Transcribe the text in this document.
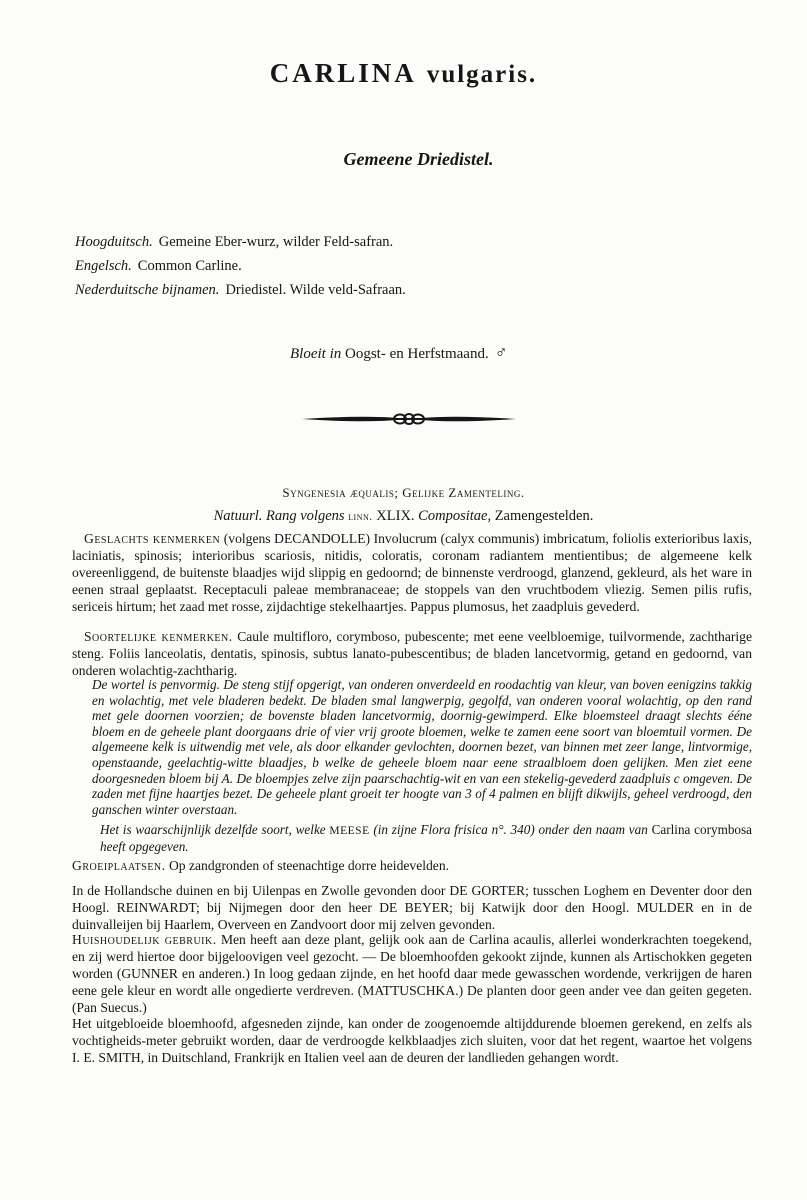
CARLINA vulgaris.
Gemeene Driedistel.
Hoogduitsch. Gemeine Eber-wurz, wilder Feld-safran.
Engelsch. Common Carline.
Nederduitsche bijnamen. Driedistel. Wilde veld-Safraan.
Bloeit in Oogst- en Herfstmaand. ♂
Syngenesia æqualis; Gelijke Zamenteling.
Natuurl. Rang volgens linn. XLIX. Compositae, Zamengestelden.

Geslachts kenmerken (volgens DECANDOLLE) Involucrum (calyx communis) imbricatum, foliolis exterioribus laxis, laciniatis, spinosis; interioribus scariosis, nitidis, coloratis, coronam radiantem mentientibus; de algemeene kelk overeenliggend, de buitenste blaadjes wijd slippig en gedoornd; de binnenste verdroogd, glanzend, gekleurd, als het ware in eenen straal geplaatst. Receptaculi paleae membranaceae; de stoppels van den vruchtbodem vliezig. Semen pilis rufis, sericeis hirtum; het zaad met rosse, zijdachtige stekelhaartjes. Pappus plumosus, het zaadpluis gevederd.

Soortelijke kenmerken. Caule multifloro, corymboso, pubescente; met eene veelbloemige, tuilvormende, zachtharige steng. Foliis lanceolatis, dentatis, spinosis, subtus lanato-pubescentibus; de bladen lancetvormig, getand en gedoornd, van onderen wolachtig-zachtharig.

De wortel is penvormig. De steng stijf opgerigt, van onderen onverdeeld en roodachtig van kleur, van boven eenigzins takkig en wolachtig, met vele bladeren bedekt. De bladen smal langwerpig, gegolfd, van onderen vooral wolachtig, op den rand met gele doornen voorzien; de bovenste bladen lancetvormig, doornig-gewimperd. Elke bloemsteel draagt slechts ééne bloem en de geheele plant doorgaans drie of vier vrij groote bloemen, welke te zamen eene soort van bloemtuil vormen. De algemeene kelk is uitwendig met vele, als door elkander gevlochten, doornen bezet, van binnen met zeer lange, lintvormige, openstaande, geelachtig-witte blaadjes, b welke de geheele bloem naar eene straalbloem doen gelijken. Men ziet eene doorgesneden bloem bij A. De bloempjes zelve zijn paarschachtig-wit en van een stekelig-gevederd zaadpluis c omgeven. De zaden met fijne haartjes bezet. De geheele plant groeit ter hoogte van 3 of 4 palmen en blijft dikwijls, geheel verdroogd, den ganschen winter overstaan.
Het is waarschijnlijk dezelfde soort, welke MEESE (in zijne Flora frisica n°. 340) onder den naam van Carlina corymbosa heeft opgegeven.
Groeiplaatsen. Op zandgronden of steenachtige dorre heidevelden.
In de Hollandsche duinen en bij Uilenpas en Zwolle gevonden door DE GORTER; tusschen Loghem en Deventer door den Hoogl. REINWARDT; bij Nijmegen door den heer DE BEYER; bij Katwijk door den Hoogl. MULDER en in de duinvalleijen bij Haarlem, Overveen en Zandvoort door mij zelven gevonden.
Huishoudelijk gebruik. Men heeft aan deze plant, gelijk ook aan de Carlina acaulis, allerlei wonderkrachten toegekend, en zij werd hiertoe door bijgeloovigen veel gezocht. — De bloemhoofden gekookt zijnde, kunnen als Artischokken gegeten worden (GUNNER en anderen.) In loog gedaan zijnde, en het hoofd daar mede gewasschen wordende, verkrijgen de haren eene gele kleur en wordt alle ongedierte verdreven. (MATTUSCHKA.) De planten door geen ander vee dan geiten gegeten. (Pan Suecus.)
Het uitgebloeide bloemhoofd, afgesneden zijnde, kan onder de zoogenoemde altijddurende bloemen gerekend, en zelfs als vochtigheids-meter gebruikt worden, daar de verdroogde kelkblaadjes zich sluiten, voor dat het regent, waartoe het volgens I. E. SMITH, in Duitschland, Frankrijk en Italien veel aan de deuren der landlieden gehangen wordt.
